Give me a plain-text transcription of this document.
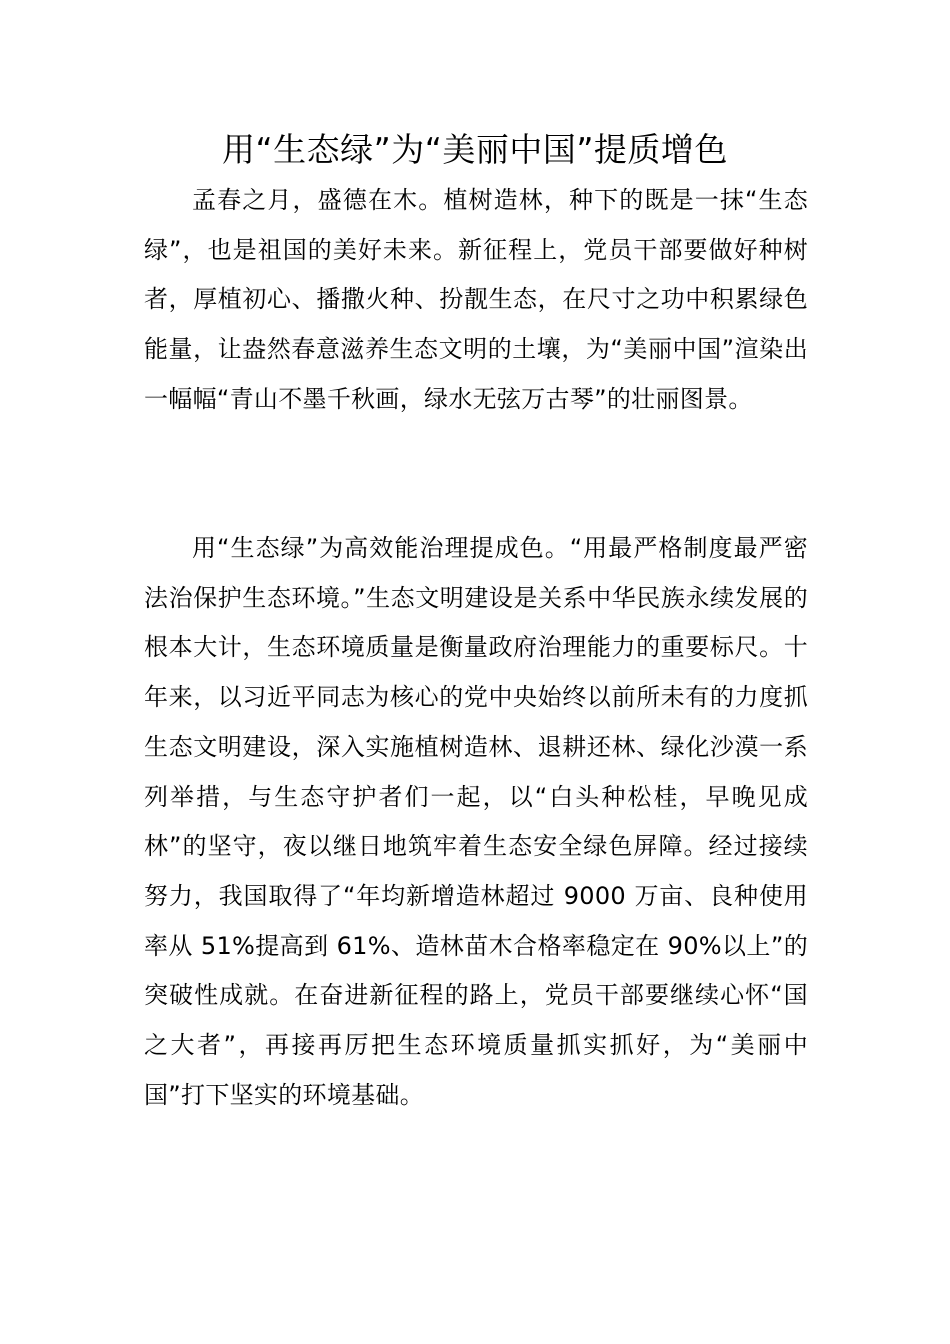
用“生态绿”为“美丽中国”提质增色

孟春之月，盛德在木。植树造林，种下的既是一抹“生态绿”，也是祖国的美好未来。新征程上，党员干部要做好种树者，厚植初心、播撒火种、扮靓生态，在尺寸之功中积累绿色能量，让盎然春意滋养生态文明的土壤，为“美丽中国”渲染出一幅幅“青山不墨千秋画，绿水无弦万古琴”的壮丽图景。

用“生态绿”为高效能治理提成色。“用最严格制度最严密法治保护生态环境。”生态文明建设是关系中华民族永续发展的根本大计，生态环境质量是衡量政府治理能力的重要标尺。十年来，以习近平同志为核心的党中央始终以前所未有的力度抓生态文明建设，深入实施植树造林、退耕还林、绿化沙漠一系列举措，与生态守护者们一起，以“白头种松桂，早晚见成林”的坚守，夜以继日地筑牢着生态安全绿色屏障。经过接续努力，我国取得了“年均新增造林超过 9000 万亩、良种使用率从 51%提高到 61%、造林苗木合格率稳定在 90%以上”的突破性成就。在奋进新征程的路上，党员干部要继续心怀“国之大者”，再接再厉把生态环境质量抓实抓好，为“美丽中国”打下坚实的环境基础。
